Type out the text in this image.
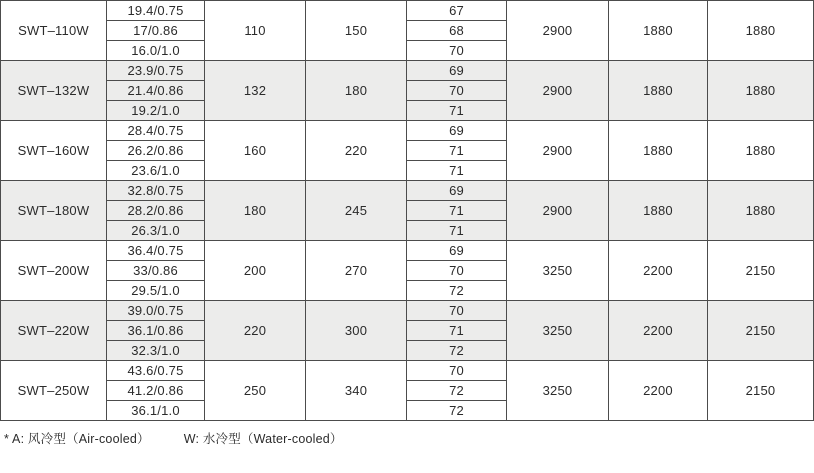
SWT–110W	19.4/0.75	110	150	67	2900	1880	1880
	17/0.86			68			
	16.0/1.0			70			
SWT–132W	23.9/0.75	132	180	69	2900	1880	1880
	21.4/0.86			70			
	19.2/1.0			71			
SWT–160W	28.4/0.75	160	220	69	2900	1880	1880
	26.2/0.86			71			
	23.6/1.0			71			
SWT–180W	32.8/0.75	180	245	69	2900	1880	1880
	28.2/0.86			71			
	26.3/1.0			71			
SWT–200W	36.4/0.75	200	270	69	3250	2200	2150
	33/0.86			70			
	29.5/1.0			72			
SWT–220W	39.0/0.75	220	300	70	3250	2200	2150
	36.1/0.86			71			
	32.3/1.0			72			
SWT–250W	43.6/0.75	250	340	70	3250	2200	2150
	41.2/0.86			72			
	36.1/1.0			72			
* A: 风冷型（Air-cooled）	W: 水冷型（Water-cooled）
